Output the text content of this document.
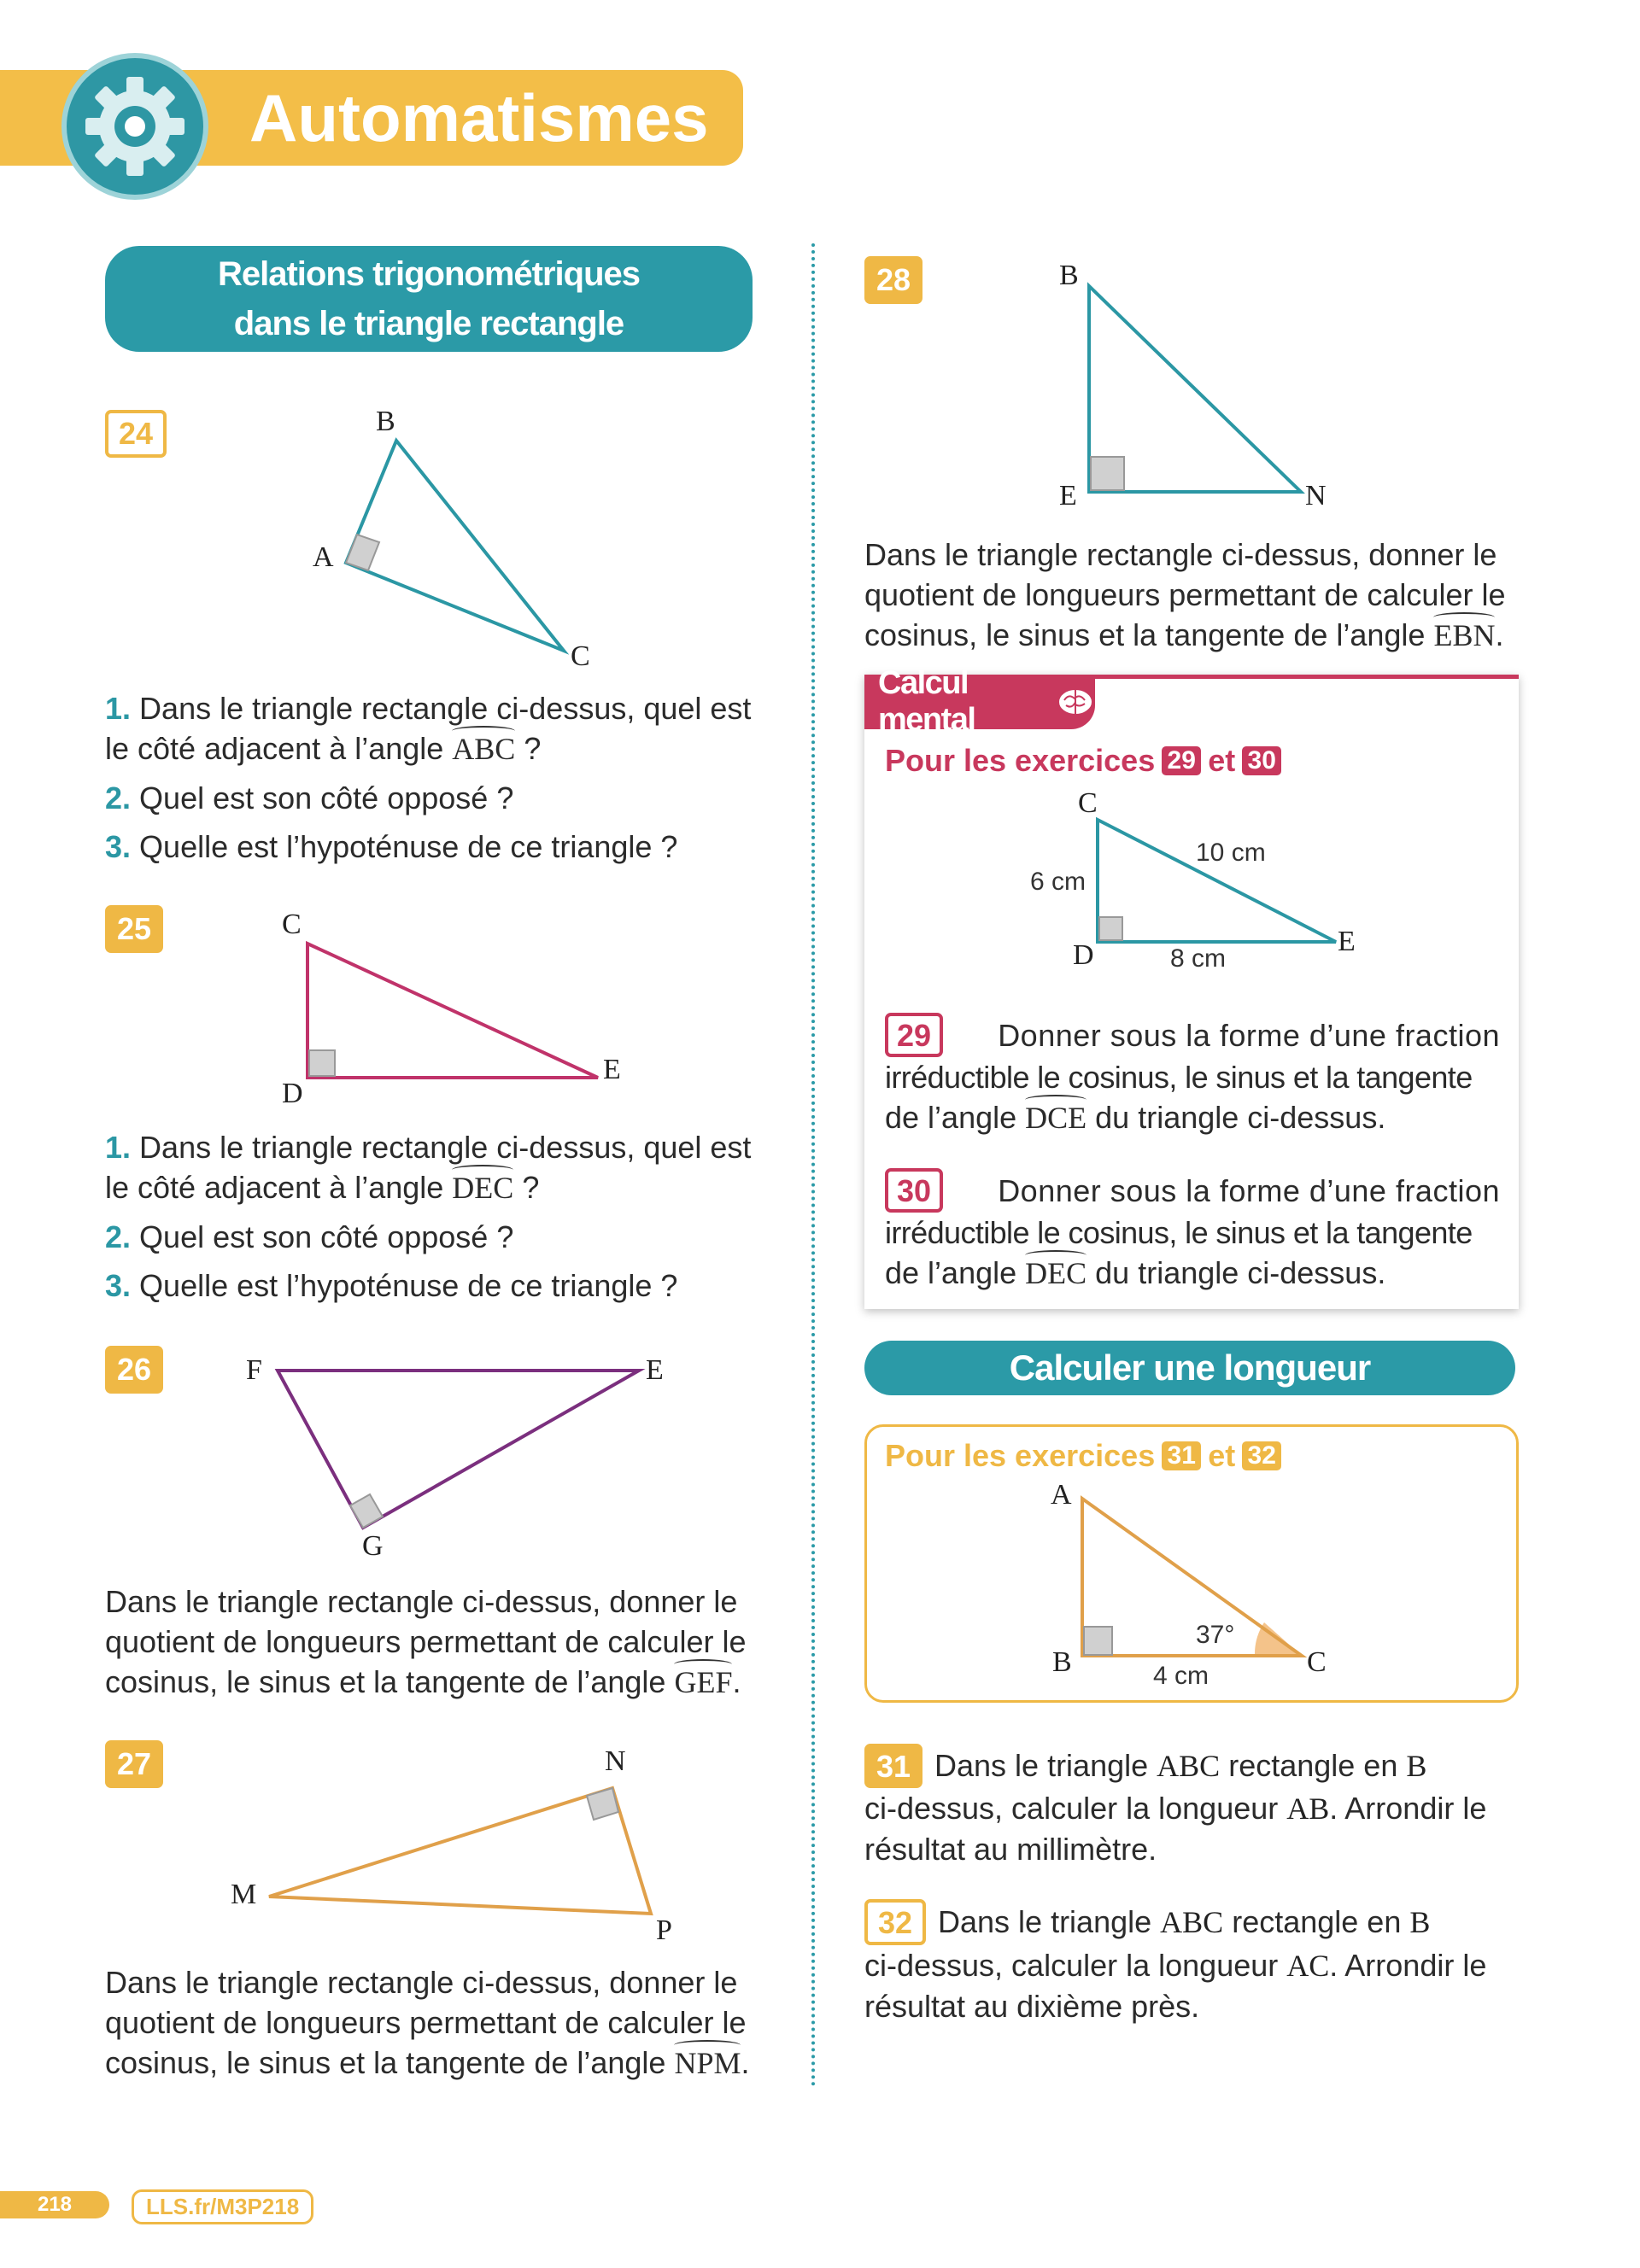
Automatismes
Relations trigonométriques
dans le triangle rectangle
24	B
A
C
1. Dans le triangle rectangle ci-dessus, quel est
le côté adjacent à l’angle ABC ?
2. Quel est son côté opposé ?
3. Quelle est l’hypoténuse de ce triangle ?
25	C
D
E
1. Dans le triangle rectangle ci-dessus, quel est
le côté adjacent à l’angle DEC ?
2. Quel est son côté opposé ?
3. Quelle est l’hypoténuse de ce triangle ?
26	F	E
G
Dans le triangle rectangle ci-dessus, donner le
quotient de longueurs permettant de calculer le
cosinus, le sinus et la tangente de l’angle GEF.
27	N
M
P
Dans le triangle rectangle ci-dessus, donner le
quotient de longueurs permettant de calculer le
cosinus, le sinus et la tangente de l’angle NPM.
28	B
E	N
Dans le triangle rectangle ci-dessus, donner le
quotient de longueurs permettant de calculer le
cosinus, le sinus et la tangente de l’angle EBN.
Calcul mental
Pour les exercices 29 et 30
C
D	E
6 cm
10 cm
8 cm
29	Donner sous la forme d’une fraction
irréductible le cosinus, le sinus et la tangente
de l’angle DCE du triangle ci-dessus.
30	Donner sous la forme d’une fraction
irréductible le cosinus, le sinus et la tangente
de l’angle DEC du triangle ci-dessus.
Calculer une longueur
Pour les exercices 31 et 32
A
B	C
37°
4 cm
31 Dans le triangle ABC rectangle en B
ci-dessus, calculer la longueur AB. Arrondir le
résultat au millimètre.
32 Dans le triangle ABC rectangle en B
ci-dessus, calculer la longueur AC. Arrondir le
résultat au dixième près.
218	LLS.fr/M3P218
